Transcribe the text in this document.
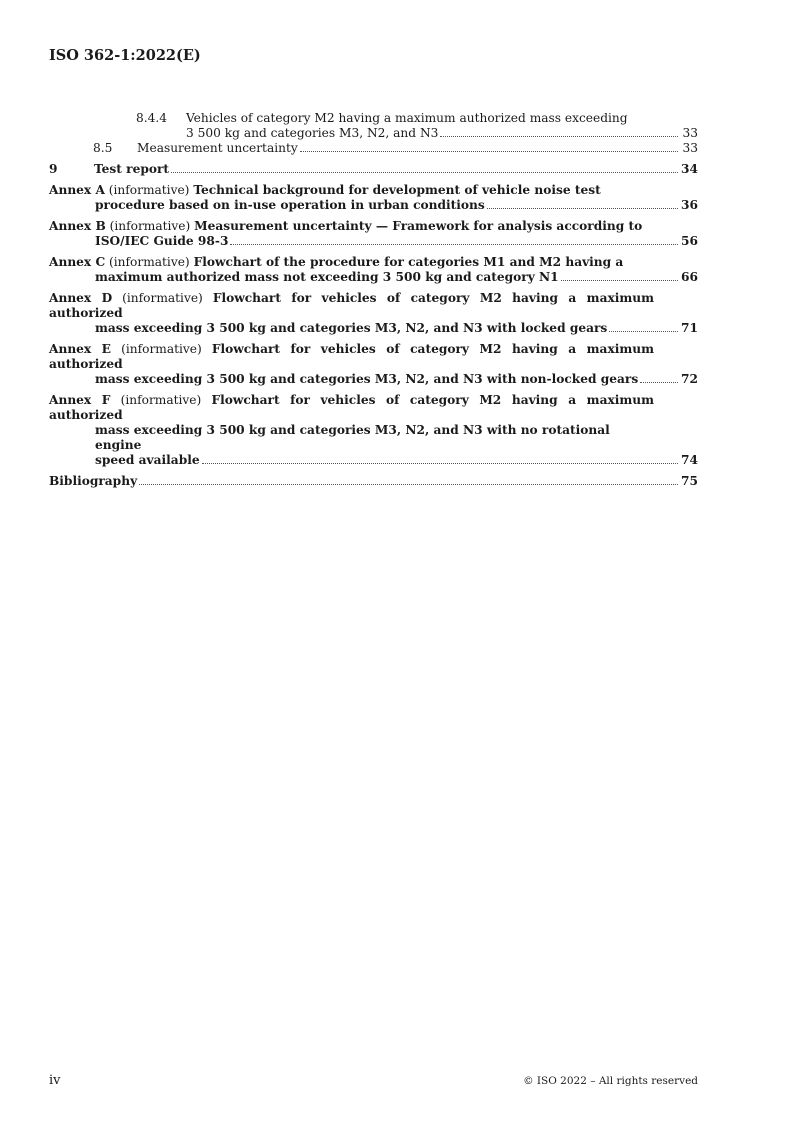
ISO 362-1:2022(E)
8.4.4	Vehicles of category M2 having a maximum authorized mass exceeding
3 500 kg and categories M3, N2, and N3	33
8.5	Measurement uncertainty	33
9	Test report	34
Annex A (informative) Technical background for development of vehicle noise test
procedure based on in-use operation in urban conditions	36
Annex B (informative) Measurement uncertainty — Framework for analysis according to
ISO/IEC Guide 98-3	56
Annex C (informative) Flowchart of the procedure for categories M1 and M2 having a
maximum authorized mass not exceeding 3 500 kg and category N1	66
Annex D (informative) Flowchart for vehicles of category M2 having a maximum authorized
mass exceeding 3 500 kg and categories M3, N2, and N3 with locked gears	71
Annex E (informative) Flowchart for vehicles of category M2 having a maximum authorized
mass exceeding 3 500 kg and categories M3, N2, and N3 with non-locked gears	72
Annex F (informative) Flowchart for vehicles of category M2 having a maximum authorized
mass exceeding 3 500 kg and categories M3, N2, and N3 with no rotational engine
speed available	74
Bibliography	75
iv	© ISO 2022 – All rights reserved
